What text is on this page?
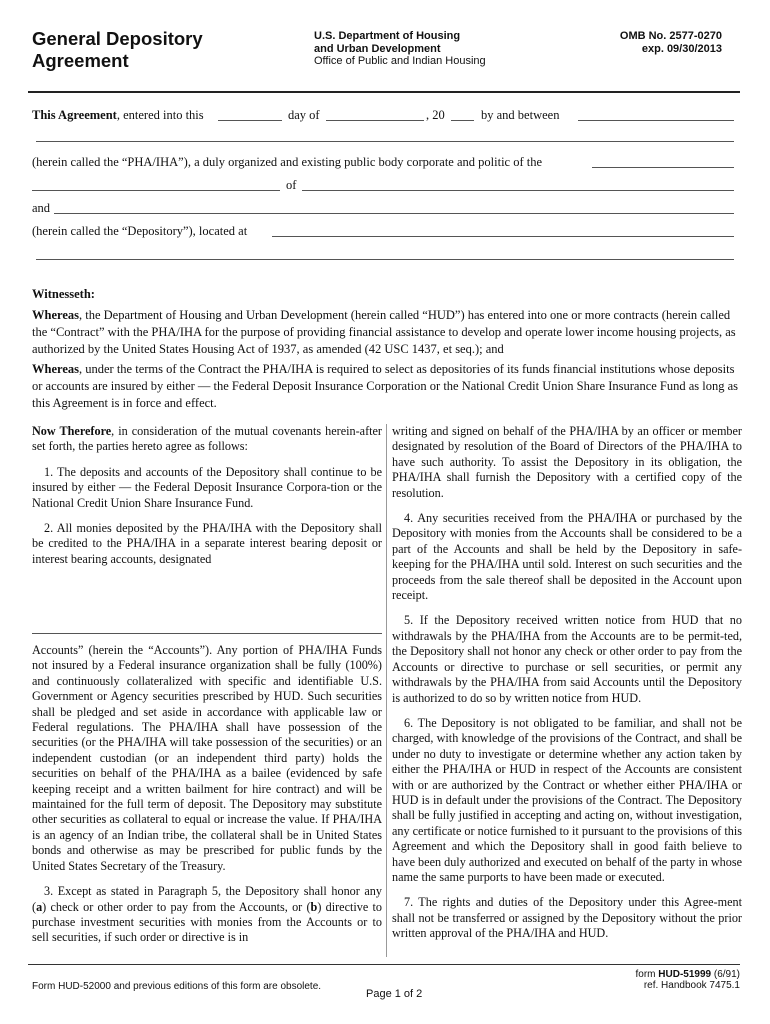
General Depository
Agreement
U.S. Department of Housing
and Urban Development
Office of Public and Indian Housing
OMB No. 2577-0270
exp. 09/30/2013
This Agreement, entered into this	day of	, 20	by and between
(herein called the “PHA/IHA”), a duly organized and existing public body corporate and politic of the
of
and
(herein called the “Depository”), located at
Witnesseth:
Whereas, the Department of Housing and Urban Development (herein called “HUD”) has entered into one or more contracts (herein called the “Contract” with the PHA/IHA for the purpose of providing financial assistance to develop and operate lower income housing projects, as authorized by the United States Housing Act of 1937, as amended (42 USC 1437, et seq.); and
Whereas, under the terms of the Contract the PHA/IHA is required to select as depositories of its funds financial institutions whose deposits or accounts are insured by either — the Federal Deposit Insurance Corporation or the National Credit Union Share Insurance Fund as long as this Agreement is in force and effect.

Now Therefore, in consideration of the mutual covenants herein-after set forth, the parties hereto agree as follows:

1. The deposits and accounts of the Depository shall continue to be insured by either — the Federal Deposit Insurance Corpora-tion or the National Credit Union Share Insurance Fund.

2. All monies deposited by the PHA/IHA with the Depository shall be credited to the PHA/IHA in a separate interest bearing deposit or interest bearing accounts, designated

Accounts” (herein the “Accounts”). Any portion of PHA/IHA Funds not insured by a Federal insurance organization shall be fully (100%) and continuously collateralized with specific and identifiable U.S. Government or Agency securities prescribed by HUD. Such securities shall be pledged and set aside in accordance with applicable law or Federal regulations. The PHA/IHA shall have possession of the securities (or the PHA/IHA will take possession of the securities) or an independent custodian (or an independent third party) holds the securities on behalf of the PHA/IHA as a bailee (evidenced by safe keeping receipt and a written bailment for hire contract) and will be maintained for the full term of deposit. The Depository may substitute other securities as collateral to equal or increase the value. If PHA/IHA is an agency of an Indian tribe, the collateral shall be in United States bonds and otherwise as may be prescribed for public funds by the United States Secretary of the Treasury.

3. Except as stated in Paragraph 5, the Depository shall honor any (a) check or other order to pay from the Accounts, or (b) directive to purchase investment securities with monies from the Accounts or to sell securities, if such order or directive is in

writing and signed on behalf of the PHA/IHA by an officer or member designated by resolution of the Board of Directors of the PHA/IHA to have such authority. To assist the Depository in its obligation, the PHA/IHA shall furnish the Depository with a certified copy of the resolution.

4. Any securities received from the PHA/IHA or purchased by the Depository with monies from the Accounts shall be considered to be a part of the Accounts and shall be held by the Depository in safe-keeping for the PHA/IHA until sold. Interest on such securities and the proceeds from the sale thereof shall be deposited in the Account upon receipt.

5. If the Depository received written notice from HUD that no withdrawals by the PHA/IHA from the Accounts are to be permit-ted, the Depository shall not honor any check or other order to pay from the Accounts or directive to purchase or sell securities, or permit any withdrawals by the PHA/IHA from said Accounts until the Depository is authorized to do so by written notice from HUD.

6. The Depository is not obligated to be familiar, and shall not be charged, with knowledge of the provisions of the Contract, and shall be under no duty to investigate or determine whether any action taken by either the PHA/IHA or HUD in respect of the Accounts are consistent with or are authorized by the Contract or whether either PHA/IHA or HUD is in default under the provisions of the Contract. The Depository shall be fully justified in accepting and acting on, without investigation, any certificate or notice furnished to it pursuant to the provisions of this Agreement and which the Depository shall in good faith believe to have been duly authorized and executed on behalf of the party in whose name the same purports to have been made or executed.

7. The rights and duties of the Depository under this Agree-ment shall not be transferred or assigned by the Depository without the prior written approval of the PHA/IHA and HUD.

Form HUD-52000 and previous editions of this form are obsolete.
Page 1 of 2
form HUD-51999 (6/91)
ref. Handbook 7475.1
